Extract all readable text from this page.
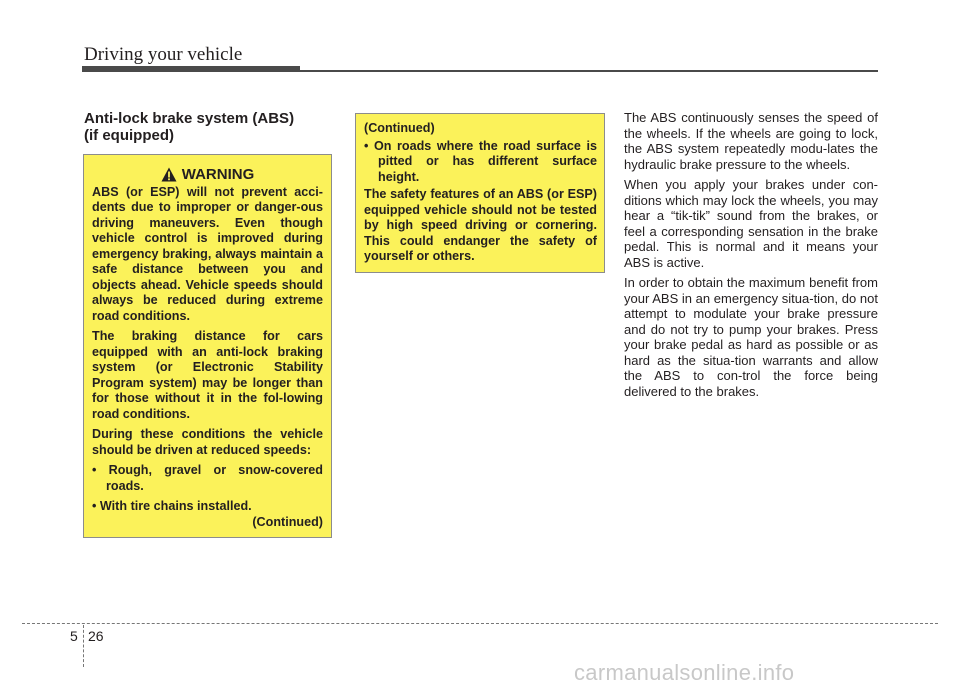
Driving your vehicle
Anti-lock brake system (ABS)
(if equipped)
WARNING

ABS (or ESP) will not prevent acci-dents due to improper or danger-ous driving maneuvers. Even though vehicle control is improved during emergency braking, always maintain a safe distance between you and objects ahead. Vehicle speeds should always be reduced during extreme road conditions.

The braking distance for cars equipped with an anti-lock braking system (or Electronic Stability Program system) may be longer than for those without it in the fol-lowing road conditions.

During these conditions the vehicle should be driven at reduced speeds:

• Rough, gravel or snow-covered roads.
• With tire chains installed.
(Continued)

(Continued)

• On roads where the road surface is pitted or has different surface height.

The safety features of an ABS (or ESP) equipped vehicle should not be tested by high speed driving or cornering. This could endanger the safety of yourself or others.

The ABS continuously senses the speed of the wheels. If the wheels are going to lock, the ABS system repeatedly modu-lates the hydraulic brake pressure to the wheels.

When you apply your brakes under con-ditions which may lock the wheels, you may hear a “tik-tik” sound from the brakes, or feel a corresponding sensation in the brake pedal. This is normal and it means your ABS is active.

In order to obtain the maximum benefit from your ABS in an emergency situa-tion, do not attempt to modulate your brake pressure and do not try to pump your brakes. Press your brake pedal as hard as possible or as hard as the situa-tion warrants and allow the ABS to con-trol the force being delivered to the brakes.

5 26
carmanualsonline.info
